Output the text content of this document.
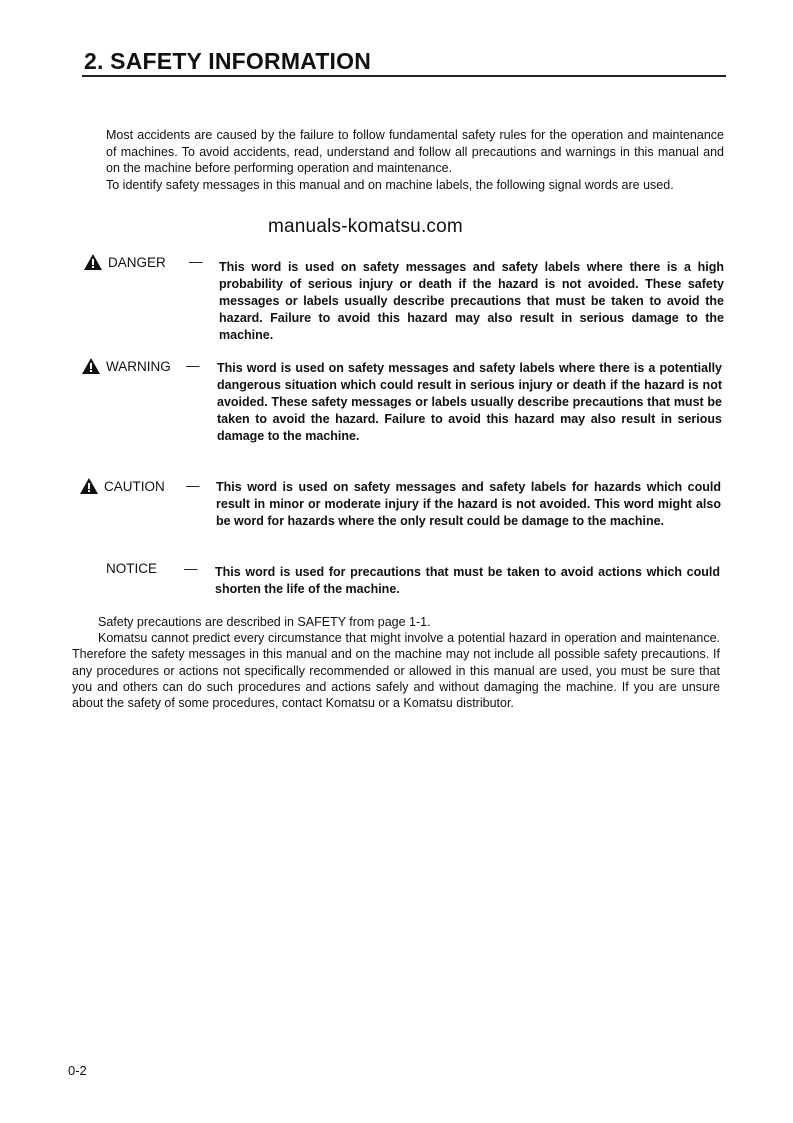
2. SAFETY INFORMATION

Most accidents are caused by the failure to follow fundamental safety rules for the operation and maintenance of machines. To avoid accidents, read, understand and follow all precautions and warnings in this manual and on the machine before performing operation and maintenance.

To identify safety messages in this manual and on machine labels, the following signal words are used.

manuals-komatsu.com
DANGER — This word is used on safety messages and safety labels where there is a high probability of serious injury or death if the hazard is not avoided. These safety messages or labels usually describe precautions that must be taken to avoid the hazard. Failure to avoid this hazard may also result in serious damage to the machine.

WARNING — This word is used on safety messages and safety labels where there is a potentially dangerous situation which could result in serious injury or death if the hazard is not avoided. These safety messages or labels usually describe precautions that must be taken to avoid the hazard. Failure to avoid this hazard may also result in serious damage to the machine.

CAUTION — This word is used on safety messages and safety labels for hazards which could result in minor or moderate injury if the hazard is not avoided. This word might also be word for hazards where the only result could be damage to the machine.

NOTICE — This word is used for precautions that must be taken to avoid actions which could shorten the life of the machine.

Safety precautions are described in SAFETY from page 1-1.

Komatsu cannot predict every circumstance that might involve a potential hazard in operation and maintenance. Therefore the safety messages in this manual and on the machine may not include all possible safety precautions. If any procedures or actions not specifically recommended or allowed in this manual are used, you must be sure that you and others can do such procedures and actions safely and without damaging the machine. If you are unsure about the safety of some procedures, contact Komatsu or a Komatsu distributor.

0-2
